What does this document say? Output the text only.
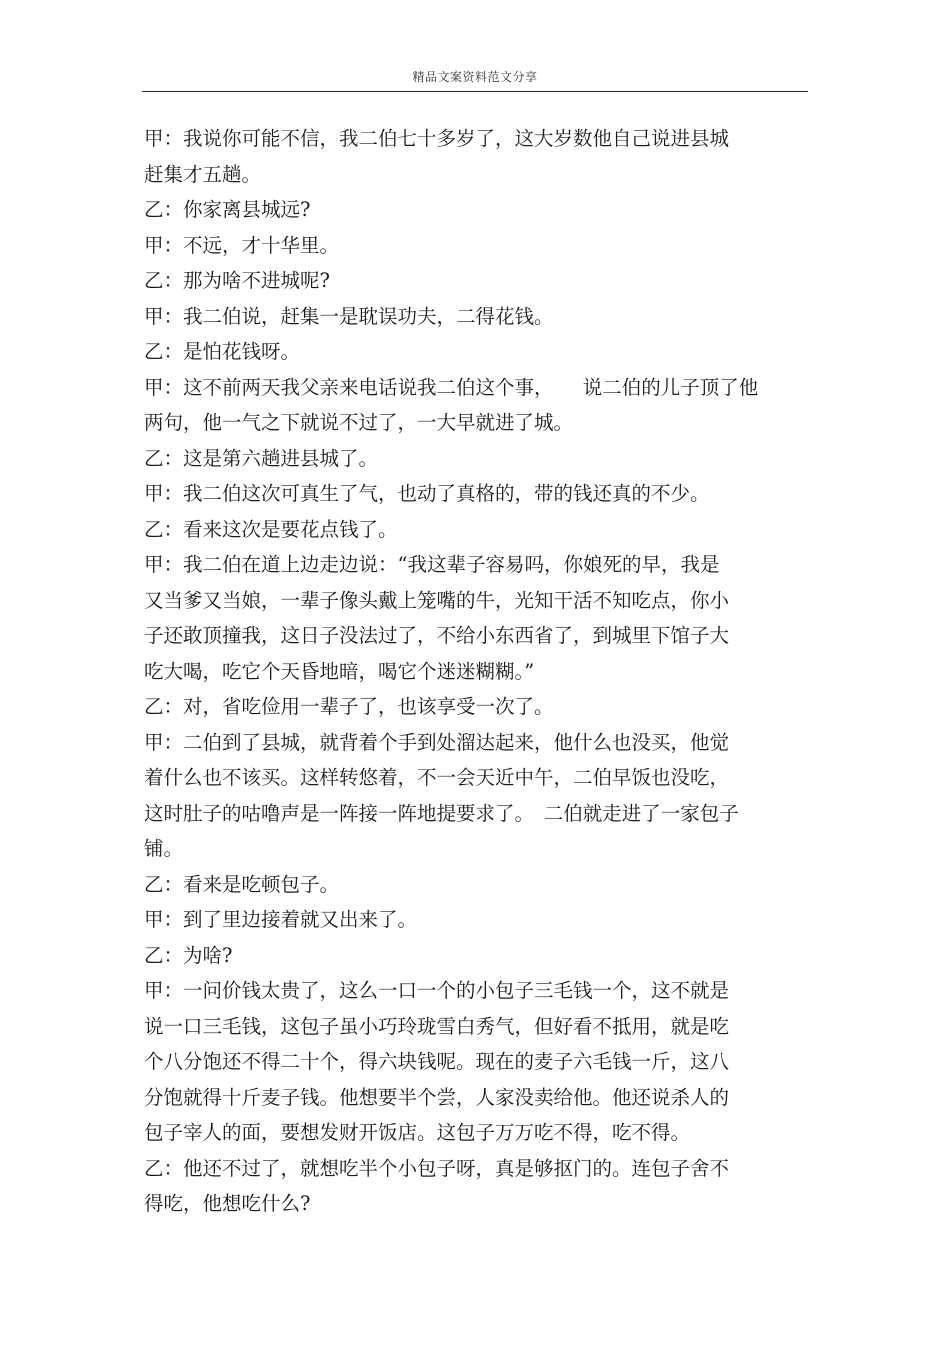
精品文案资料范文分享

甲：我说你可能不信，我二伯七十多岁了，这大岁数他自己说进县城

赶集才五趟。

乙：你家离县城远?

甲：不远，才十华里。

乙：那为啥不进城呢?

甲：我二伯说，赶集一是耽误功夫，二得花钱。

乙：是怕花钱呀。

甲：这不前两天我父亲来电话说我二伯这个事，　　说二伯的儿子顶了他

两句，他一气之下就说不过了，一大早就进了城。

乙：这是第六趟进县城了。

甲：我二伯这次可真生了气，也动了真格的，带的钱还真的不少。

乙：看来这次是要花点钱了。

甲：我二伯在道上边走边说：“我这辈子容易吗，你娘死的早，我是

又当爹又当娘，一辈子像头戴上笼嘴的牛，光知干活不知吃点，你小

子还敢顶撞我，这日子没法过了，不给小东西省了，到城里下馆子大

吃大喝，吃它个天昏地暗，喝它个迷迷糊糊。”

乙：对，省吃俭用一辈子了，也该享受一次了。

甲：二伯到了县城，就背着个手到处溜达起来，他什么也没买，他觉

着什么也不该买。这样转悠着，不一会天近中午，二伯早饭也没吃，

这时肚子的咕噜声是一阵接一阵地提要求了。　二伯就走进了一家包子

铺。

乙：看来是吃顿包子。

甲：到了里边接着就又出来了。

乙：为啥?

甲：一问价钱太贵了，这么一口一个的小包子三毛钱一个，这不就是

说一口三毛钱，这包子虽小巧玲珑雪白秀气，但好看不抵用，就是吃

个八分饱还不得二十个，得六块钱呢。现在的麦子六毛钱一斤，这八

分饱就得十斤麦子钱。他想要半个尝，人家没卖给他。他还说杀人的

包子宰人的面，要想发财开饭店。这包子万万吃不得，吃不得。

乙：他还不过了，就想吃半个小包子呀，真是够抠门的。连包子舍不

得吃，他想吃什么?
